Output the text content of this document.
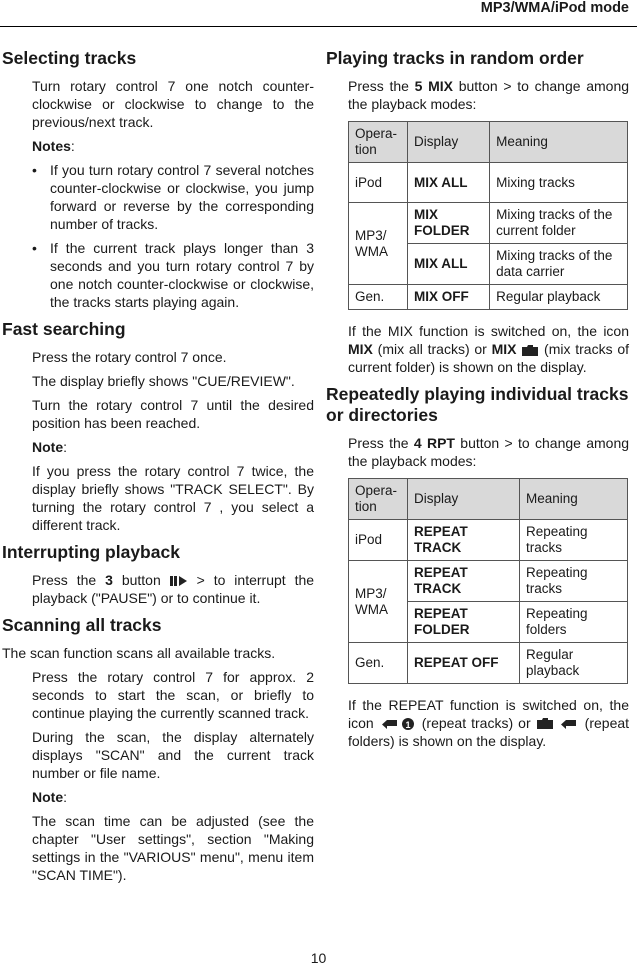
MP3/WMA/iPod mode
Selecting tracks

Turn rotary control 7 one notch counter-clockwise or clockwise to change to the previous/next track.

Notes:

• If you turn rotary control 7 several notches counter-clockwise or clockwise, you jump forward or reverse by the corresponding number of tracks.
• If the current track plays longer than 3 seconds and you turn rotary control 7 by one notch counter-clockwise or clockwise, the tracks starts playing again.
Fast searching

Press the rotary control 7 once.

The display briefly shows "CUE/REVIEW".

Turn the rotary control 7 until the desired position has been reached.

Note:

If you press the rotary control 7 twice, the display briefly shows "TRACK SELECT". By turning the rotary control 7 , you select a different track.

Interrupting playback

Press the 3 button	> to interrupt the playback ("PAUSE") or to continue it.

Scanning all tracks

The scan function scans all available tracks.

Press the rotary control 7 for approx. 2 seconds to start the scan, or briefly to continue playing the currently scanned track.

During the scan, the display alternately displays "SCAN" and the current track number or file name.

Note:

The scan time can be adjusted (see the chapter "User settings", section "Making settings in the "VARIOUS" menu", menu item "SCAN TIME").

Playing tracks in random order

Press the 5 MIX button > to change among the playback modes:

Opera-tion	Display	Meaning
iPod	MIX ALL	Mixing tracks
MP3/ WMA	MIX FOLDER	Mixing tracks of the current folder
	MIX ALL	Mixing tracks of the data carrier
Gen.	MIX OFF	Regular playback

If the MIX function is switched on, the icon MIX (mix all tracks) or MIX (mix tracks of current folder) is shown on the display.

Repeatedly playing individual tracks or directories

Press the 4 RPT button > to change among the playback modes:

Opera-tion	Display	Meaning
iPod	REPEAT TRACK	Repeating tracks
MP3/ WMA	REPEAT TRACK	Repeating tracks
	REPEAT FOLDER	Repeating folders
Gen.	REPEAT OFF	Regular playback

If the REPEAT function is switched on, the icon	1 (repeat tracks) or	(repeat folders) is shown on the display.

10
